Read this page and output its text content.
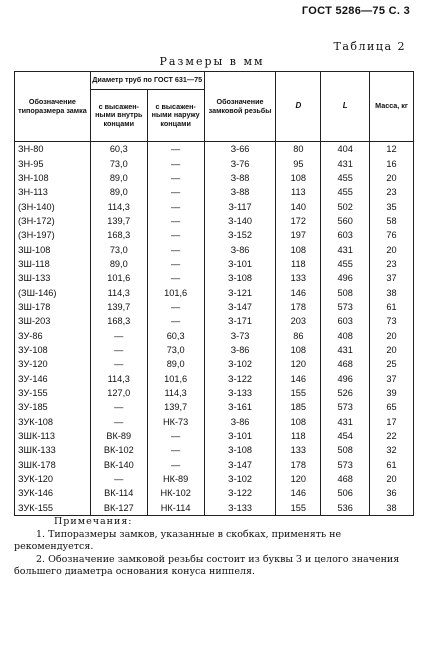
ГОСТ 5286—75 С. 3
Таблица 2
Размеры в мм
Обозначение типоразмера замка	Диаметр труб по ГОСТ 631—75		Обозначение замковой резьбы	D	L	Масса, кг
	с высажен-ными внутрь концами	с высажен-ными наружу концами				
ЗН-80	60,3	—	З-66	80	404	12
ЗН-95	73,0	—	З-76	95	431	16
ЗН-108	89,0	—	З-88	108	455	20
ЗН-113	89,0	—	З-88	113	455	23
(ЗН-140)	114,3	—	З-117	140	502	35
(ЗН-172)	139,7	—	З-140	172	560	58
(ЗН-197)	168,3	—	З-152	197	603	76
ЗШ-108	73,0	—	З-86	108	431	20
ЗШ-118	89,0	—	З-101	118	455	23
ЗШ-133	101,6	—	З-108	133	496	37
(ЗШ-146)	114,3	101,6	З-121	146	508	38
ЗШ-178	139,7	—	З-147	178	573	61
ЗШ-203	168,3	—	З-171	203	603	73
ЗУ-86	—	60,3	З-73	86	408	20
ЗУ-108	—	73,0	З-86	108	431	20
ЗУ-120	—	89,0	З-102	120	468	25
ЗУ-146	114,3	101,6	З-122	146	496	37
ЗУ-155	127,0	114,3	З-133	155	526	39
ЗУ-185	—	139,7	З-161	185	573	65
ЗУК-108	—	НК-73	З-86	108	431	17
ЗШК-113	ВК-89	—	З-101	118	454	22
ЗШК-133	ВК-102	—	З-108	133	508	32
ЗШК-178	ВК-140	—	З-147	178	573	61
ЗУК-120	—	НК-89	З-102	120	468	20
ЗУК-146	ВК-114	НК-102	З-122	146	506	36
ЗУК-155	ВК-127	НК-114	З-133	155	536	38
Примечания:

1. Типоразмеры замков, указанные в скобках, применять не рекомендуется.

2. Обозначение замковой резьбы состоит из буквы З и целого значения большего диаметра основания конуса ниппеля.
